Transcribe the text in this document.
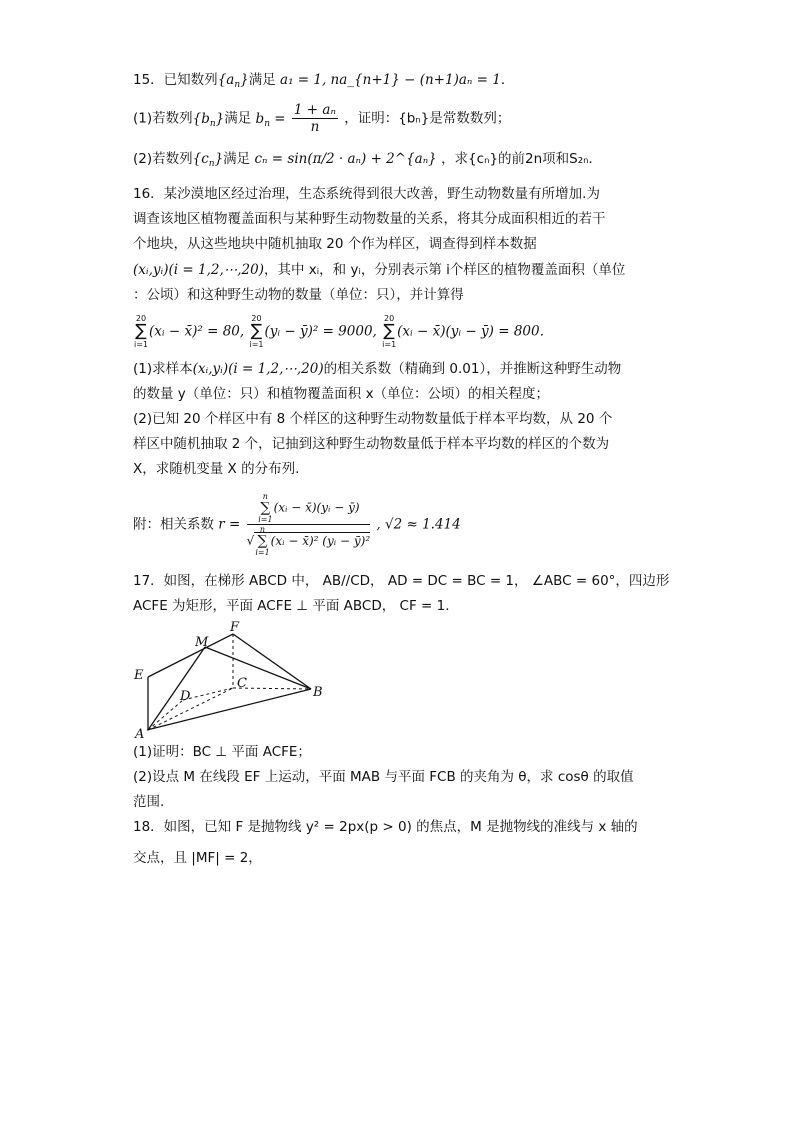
15．已知数列$\{a_n\}$满足 a₁ = 1, na_{n+1} − (n+1)aₙ = 1．
(1)若数列$\{b_n\}$满足 $b_n = \frac{\text{1 + aₙ}}{n}$ ，证明：{bₙ}是常数数列；
(2)若数列$\{c_n\}$满足 cₙ = sin(π/2 · aₙ) + 2^{aₙ} ，求{cₙ}的前2n项和S₂ₙ．
16．某沙漠地区经过治理，生态系统得到很大改善，野生动物数量有所增加.为
调查该地区植物覆盖面积与某种野生动物数量的关系，将其分成面积相近的若干
个地块，从这些地块中随机抽取 20 个作为样区，调查得到样本数据
(xᵢ,yᵢ)(i = 1,2,⋯,20)，其中 xᵢ，和 yᵢ，分别表示第 i个样区的植物覆盖面积（单位
：公顷）和这种野生动物的数量（单位：只），并计算得
20
∑
i=1
(xᵢ − x̄)² = 80,
20
∑
i=1
(yᵢ − ȳ)² = 9000,
20
∑
i=1
(xᵢ − x̄)(yᵢ − ȳ) = 800．
(1)求样本(xᵢ,yᵢ)(i = 1,2,⋯,20)的相关系数（精确到 0.01），并推断这种野生动物
的数量 y（单位：只）和植物覆盖面积 x（单位：公顷）的相关程度；
(2)已知 20 个样区中有 8 个样区的这种野生动物数量低于样本平均数，从 20 个
样区中随机抽取 2 个，记抽到这种野生动物数量低于样本平均数的样区的个数为
X，求随机变量 X 的分布列.
附：相关系数 r = n
∑
i=1
(xᵢ − x̄)(yᵢ − ȳ)
√
n
∑
i=1
(xᵢ − x̄)² (yᵢ − ȳ)² , √2 ≈ 1.414
17．如图，在梯形 ABCD 中， AB//CD， AD = DC = BC = 1， ∠ABC = 60°，四边形
ACFE 为矩形，平面 ACFE ⊥ 平面 ABCD， CF = 1.
F
M
E
D
C
B
A
(1)证明：BC ⊥ 平面 ACFE；
(2)设点 M 在线段 EF 上运动，平面 MAB 与平面 FCB 的夹角为 θ，求 cosθ 的取值
范围.
18．如图，已知 F 是抛物线 y² = 2px(p > 0) 的焦点，M 是抛物线的准线与 x 轴的
交点，且 |MF| = 2，
